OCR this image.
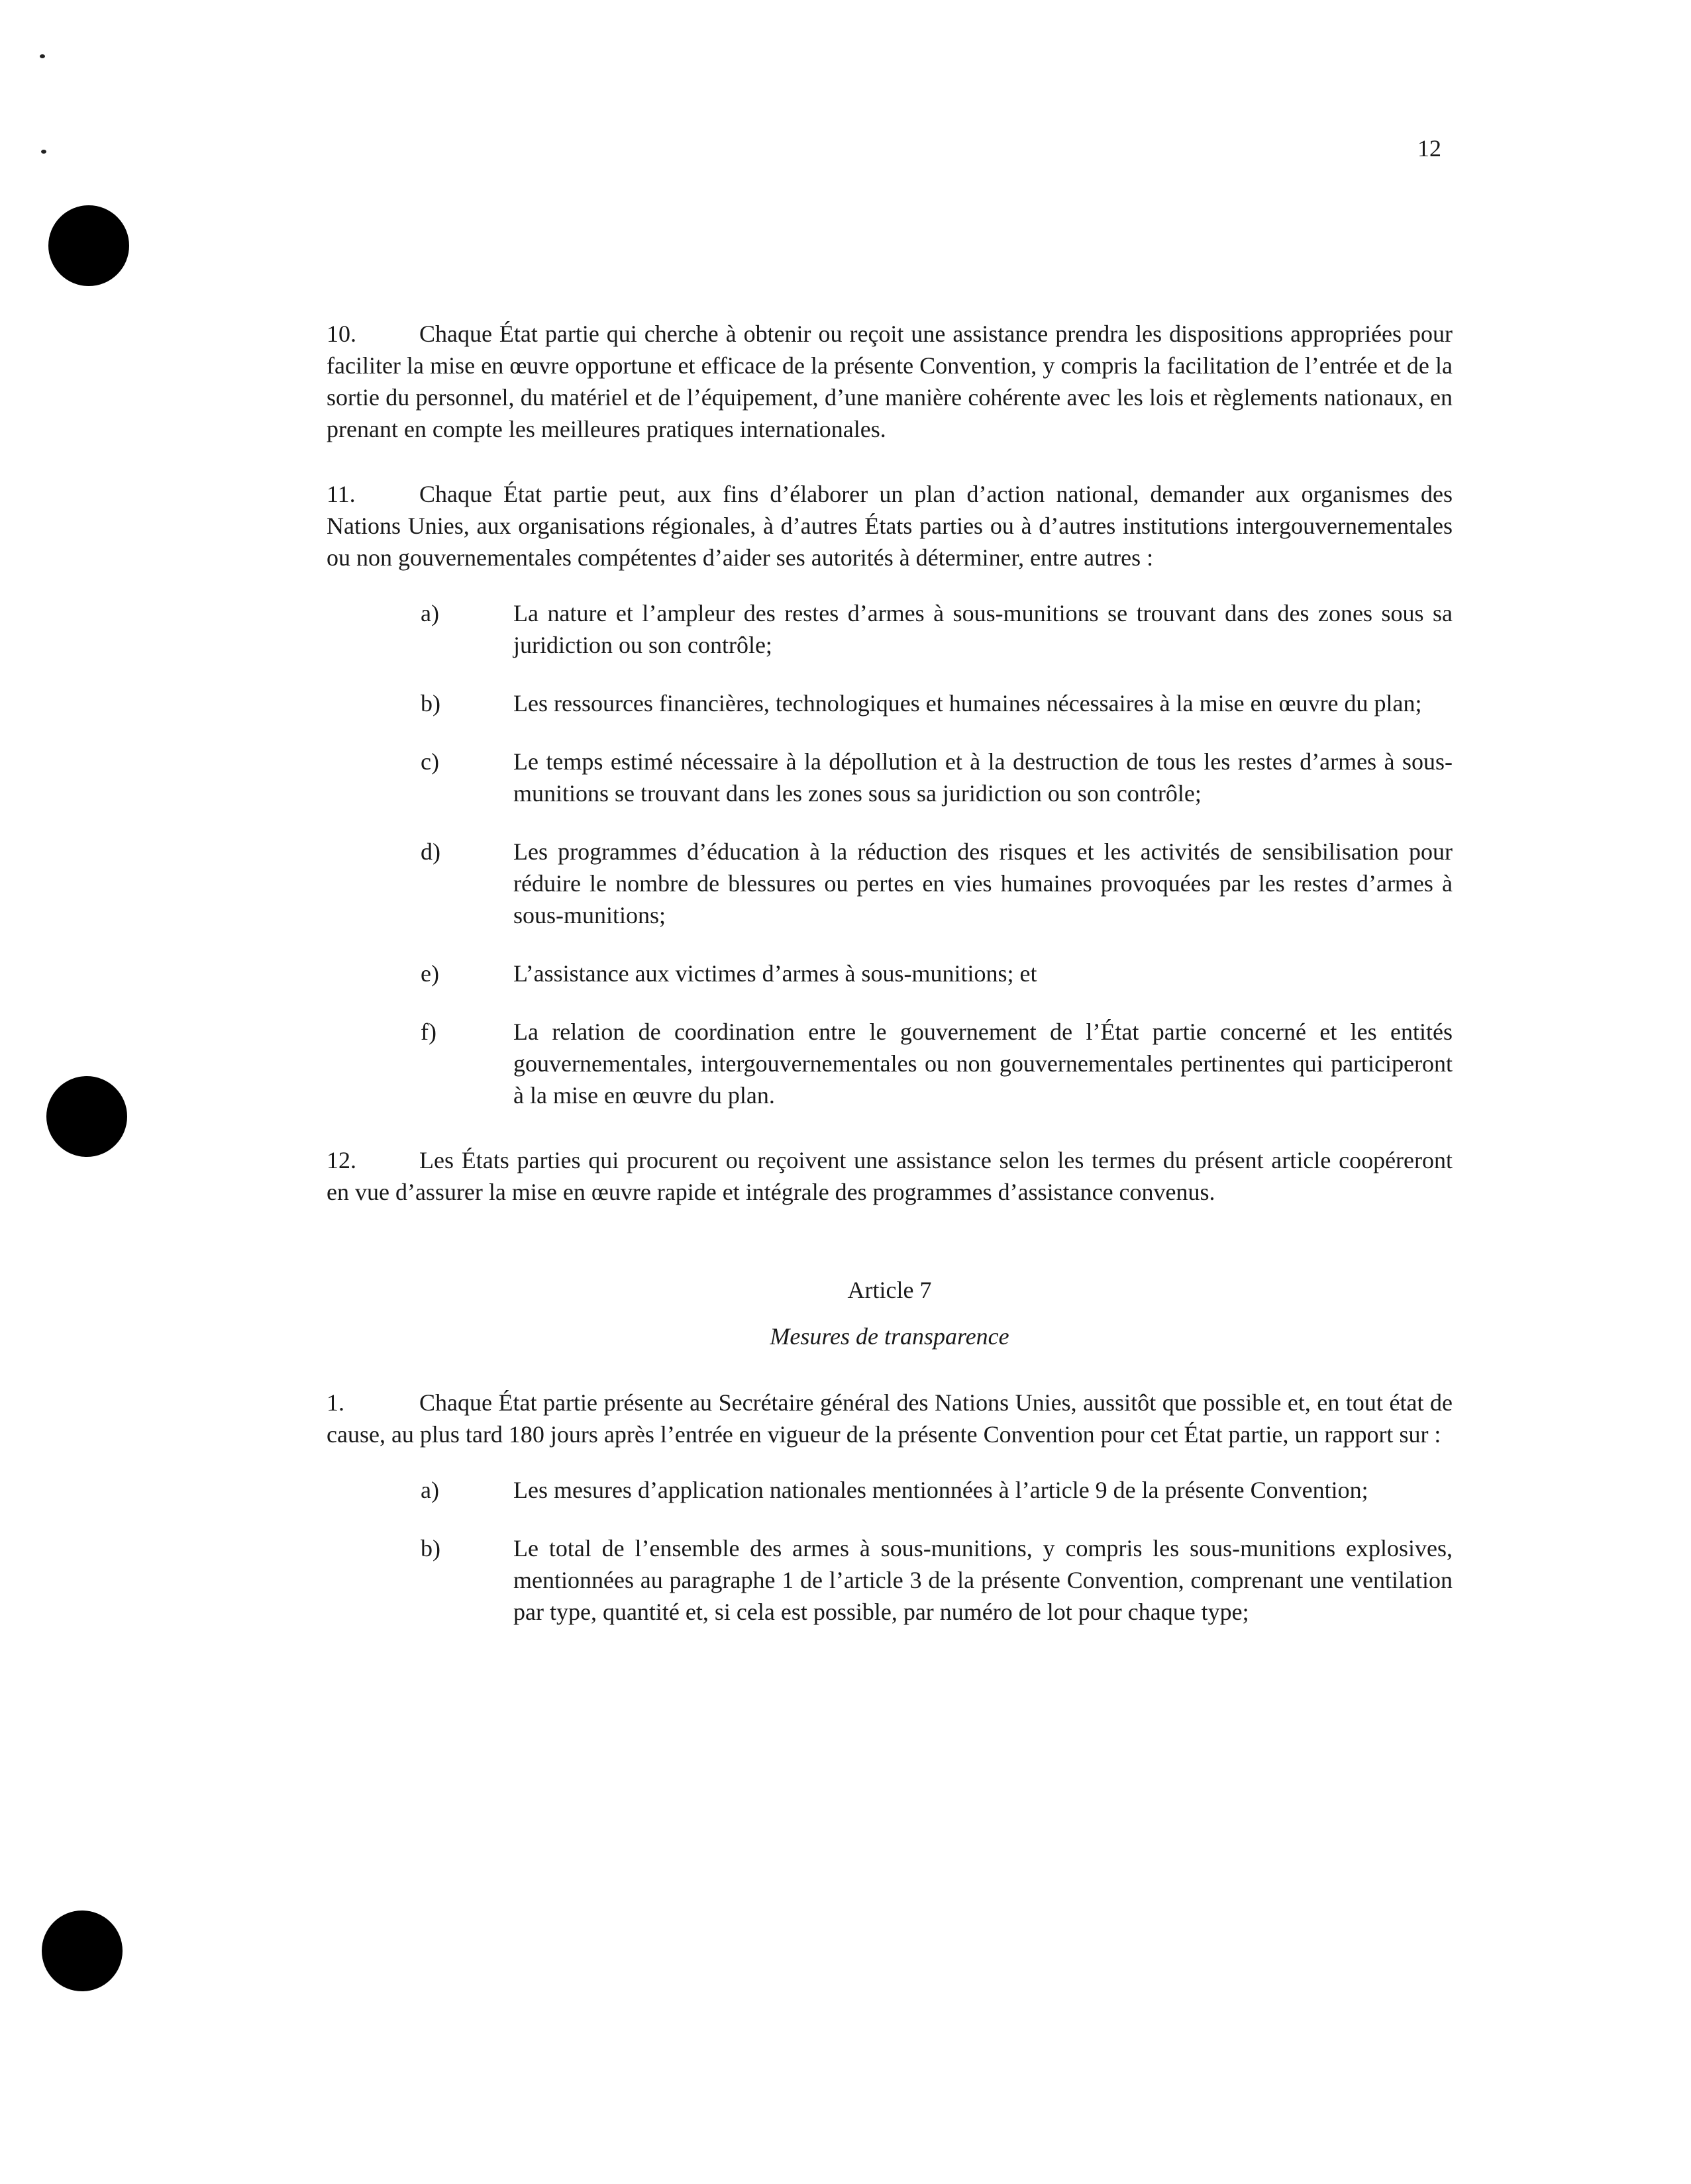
12

10.	Chaque État partie qui cherche à obtenir ou reçoit une assistance prendra les dispositions appropriées pour faciliter la mise en œuvre opportune et efficace de la présente Convention, y compris la facilitation de l’entrée et de la sortie du personnel, du matériel et de l’équipement, d’une manière cohérente avec les lois et règlements nationaux, en prenant en compte les meilleures pratiques internationales.

11.	Chaque État partie peut, aux fins d’élaborer un plan d’action national, demander aux organismes des Nations Unies, aux organisations régionales, à d’autres États parties ou à d’autres institutions intergouvernementales ou non gouvernementales compétentes d’aider ses autorités à déterminer, entre autres :

a)	La nature et l’ampleur des restes d’armes à sous-munitions se trouvant dans des zones sous sa juridiction ou son contrôle;
b)	Les ressources financières, technologiques et humaines nécessaires à la mise en œuvre du plan;
c)	Le temps estimé nécessaire à la dépollution et à la destruction de tous les restes d’armes à sous-munitions se trouvant dans les zones sous sa juridiction ou son contrôle;
d)	Les programmes d’éducation à la réduction des risques et les activités de sensibilisation pour réduire le nombre de blessures ou pertes en vies humaines provoquées par les restes d’armes à sous-munitions;
e)	L’assistance aux victimes d’armes à sous-munitions; et
f)	La relation de coordination entre le gouvernement de l’État partie concerné et les entités gouvernementales, intergouvernementales ou non gouvernementales pertinentes qui participeront à la mise en œuvre du plan.

12.	Les États parties qui procurent ou reçoivent une assistance selon les termes du présent article coopéreront en vue d’assurer la mise en œuvre rapide et intégrale des programmes d’assistance convenus.

Article 7
Mesures de transparence

1.	Chaque État partie présente au Secrétaire général des Nations Unies, aussitôt que possible et, en tout état de cause, au plus tard 180 jours après l’entrée en vigueur de la présente Convention pour cet État partie, un rapport sur :

a)	Les mesures d’application nationales mentionnées à l’article 9 de la présente Convention;
b)	Le total de l’ensemble des armes à sous-munitions, y compris les sous-munitions explosives, mentionnées au paragraphe 1 de l’article 3 de la présente Convention, comprenant une ventilation par type, quantité et, si cela est possible, par numéro de lot pour chaque type;
